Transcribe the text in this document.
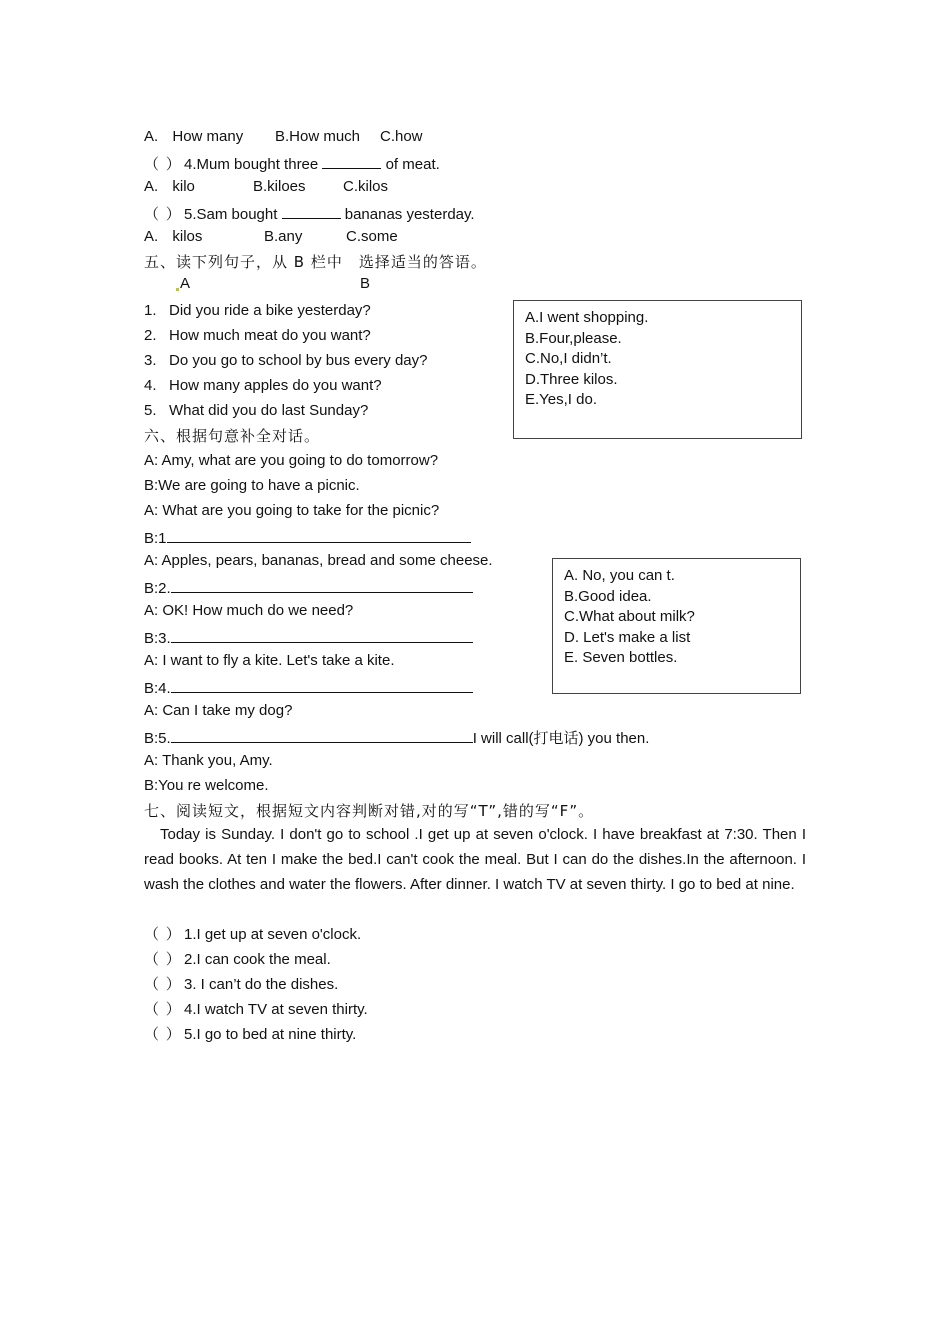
A. How many B.How much C.how
（ ） 4.Mum bought three	of meat.
A. kilo	B.kiloes C.kilos
（ ） 5.Sam bought	bananas yesterday.
A. kilos	B.any	C.some
五、读下列句子，从 B 栏中　选择适当的答语。
A	B
1. Did you ride a bike yesterday?
2. How much meat do you want?
3. Do you go to school by bus every day?
4. How many apples do you want?
5. What did you do last Sunday?
A.I went shopping.
B.Four,please.
C.No,I didn’t.
D.Three kilos.
E.Yes,I do.
六、根据句意补全对话。
A: Amy, what are you going to do tomorrow?
B:We are going to have a picnic.
A: What are you going to take for the picnic?
B:1
A: Apples, pears, bananas, bread and some cheese.
B:2.
A: OK! How much do we need?
B:3.
A: I want to fly a kite. Let's take a kite.
B:4.
A: Can I take my dog?
B:5.	I will call(打电话) you then.
A: Thank you, Amy.
B:You re welcome.
A. No, you can t.
B.Good idea.
C.What about milk?
D. Let's make a list
E. Seven bottles.
七、阅读短文，根据短文内容判断对错,对的写“T”,错的写“F”。
Today is Sunday. I don't go to school .I get up at seven o'clock. I have breakfast at 7:30. Then I read books. At ten I make the bed.I can't cook the meal. But I can do the dishes.In the afternoon. I wash the clothes and water the flowers. After dinner. I watch TV at seven thirty. I go to bed at nine.
（ ） 1.I get up at seven o'clock.
（ ） 2.I can cook the meal.
（ ） 3. I can’t do the dishes.
（ ） 4.I watch TV at seven thirty.
（ ） 5.I go to bed at nine thirty.
